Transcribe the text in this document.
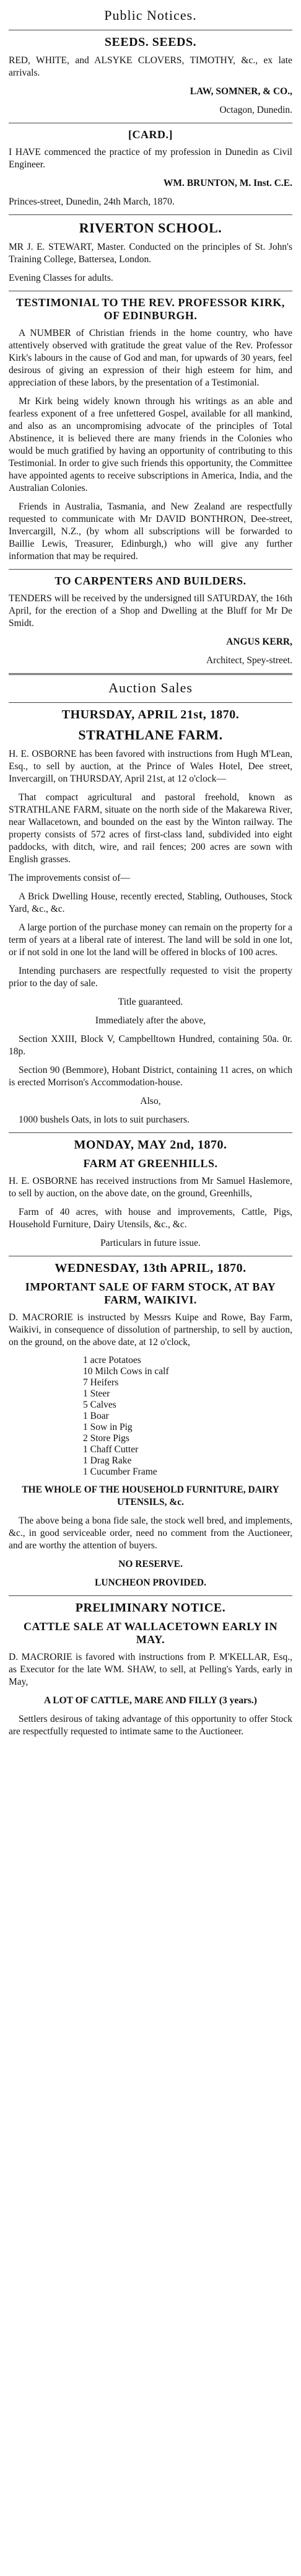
Public Notices.
SEEDS. SEEDS.
RED, WHITE, and ALSYKE CLOVERS, TIMOTHY, &c., ex late arrivals.
LAW, SOMNER, & CO.,
Octagon, Dunedin.
[CARD.]
I HAVE commenced the practice of my profession in Dunedin as Civil Engineer.
WM. BRUNTON, M. Inst. C.E.
Princes-street, Dunedin, 24th March, 1870.
RIVERTON SCHOOL.
MR J. E. STEWART, Master. Conducted on the principles of St. John's Training College, Battersea, London.
Evening Classes for adults.
TESTIMONIAL TO THE REV. PROFESSOR KIRK, OF EDINBURGH.
A NUMBER of Christian friends in the home country, who have attentively observed with gratitude the great value of the Rev. Professor Kirk's labours in the cause of God and man, for upwards of 30 years, feel desirous of giving an expression of their high esteem for him, and appreciation of these labors, by the presentation of a Testimonial.
Mr Kirk being widely known through his writings as an able and fearless exponent of a free unfettered Gospel, available for all mankind, and also as an uncompromising advocate of the principles of Total Abstinence, it is believed there are many friends in the Colonies who would be much gratified by having an opportunity of contributing to this Testimonial. In order to give such friends this opportunity, the Committee have appointed agents to receive subscriptions in America, India, and the Australian Colonies.
Friends in Australia, Tasmania, and New Zealand are respectfully requested to communicate with Mr DAVID BONTHRON, Dee-street, Invercargill, N.Z., (by whom all subscriptions will be forwarded to Baillie Lewis, Treasurer, Edinburgh,) who will give any further information that may be required.
TO CARPENTERS AND BUILDERS.
TENDERS will be received by the undersigned till SATURDAY, the 16th April, for the erection of a Shop and Dwelling at the Bluff for Mr De Smidt.
ANGUS KERR,
Architect, Spey-street.
Auction Sales
THURSDAY, APRIL 21st, 1870.
STRATHLANE FARM.
H. E. OSBORNE has been favored with instructions from Hugh M'Lean, Esq., to sell by auction, at the Prince of Wales Hotel, Dee street, Invercargill, on THURSDAY, April 21st, at 12 o'clock—
That compact agricultural and pastoral freehold, known as STRATHLANE FARM, situate on the north side of the Makarewa River, near Wallacetown, and bounded on the east by the Winton railway. The property consists of 572 acres of first-class land, subdivided into eight paddocks, with ditch, wire, and rail fences; 200 acres are sown with English grasses.
The improvements consist of—
A Brick Dwelling House, recently erected, Stabling, Outhouses, Stock Yard, &c., &c.
A large portion of the purchase money can remain on the property for a term of years at a liberal rate of interest. The land will be sold in one lot, or if not sold in one lot the land will be offered in blocks of 100 acres.
Intending purchasers are respectfully requested to visit the property prior to the day of sale.
Title guaranteed.
Immediately after the above,
Section XXIII, Block V, Campbelltown Hundred, containing 50a. 0r. 18p.
Section 90 (Bemmore), Hobant District, containing 11 acres, on which is erected Morrison's Accommodation-house.
Also,
1000 bushels Oats, in lots to suit purchasers.
MONDAY, MAY 2nd, 1870.
FARM AT GREENHILLS.
H. E. OSBORNE has received instructions from Mr Samuel Haslemore, to sell by auction, on the above date, on the ground, Greenhills,
Farm of 40 acres, with house and improvements, Cattle, Pigs, Household Furniture, Dairy Utensils, &c., &c.
Particulars in future issue.
WEDNESDAY, 13th APRIL, 1870.
IMPORTANT SALE OF FARM STOCK, AT BAY FARM, WAIKIVI.
D. MACRORIE is instructed by Messrs Kuipe and Rowe, Bay Farm, Waikivi, in consequence of dissolution of partnership, to sell by auction, on the ground, on the above date, at 12 o'clock,
1 acre Potatoes
10 Milch Cows in calf
7 Heifers
1 Steer
5 Calves
1 Boar
1 Sow in Pig
2 Store Pigs
1 Chaff Cutter
1 Drag Rake
1 Cucumber Frame
THE WHOLE OF THE HOUSEHOLD FURNITURE, DAIRY UTENSILS, &c.
The above being a bona fide sale, the stock well bred, and implements, &c., in good serviceable order, need no comment from the Auctioneer, and are worthy the attention of buyers.
NO RESERVE.
LUNCHEON PROVIDED.
PRELIMINARY NOTICE.
CATTLE SALE AT WALLACETOWN EARLY IN MAY.
D. MACRORIE is favored with instructions from P. M'KELLAR, Esq., as Executor for the late WM. SHAW, to sell, at Pelling's Yards, early in May,
A LOT OF CATTLE, MARE AND FILLY (3 years.)
Settlers desirous of taking advantage of this opportunity to offer Stock are respectfully requested to intimate same to the Auctioneer.
